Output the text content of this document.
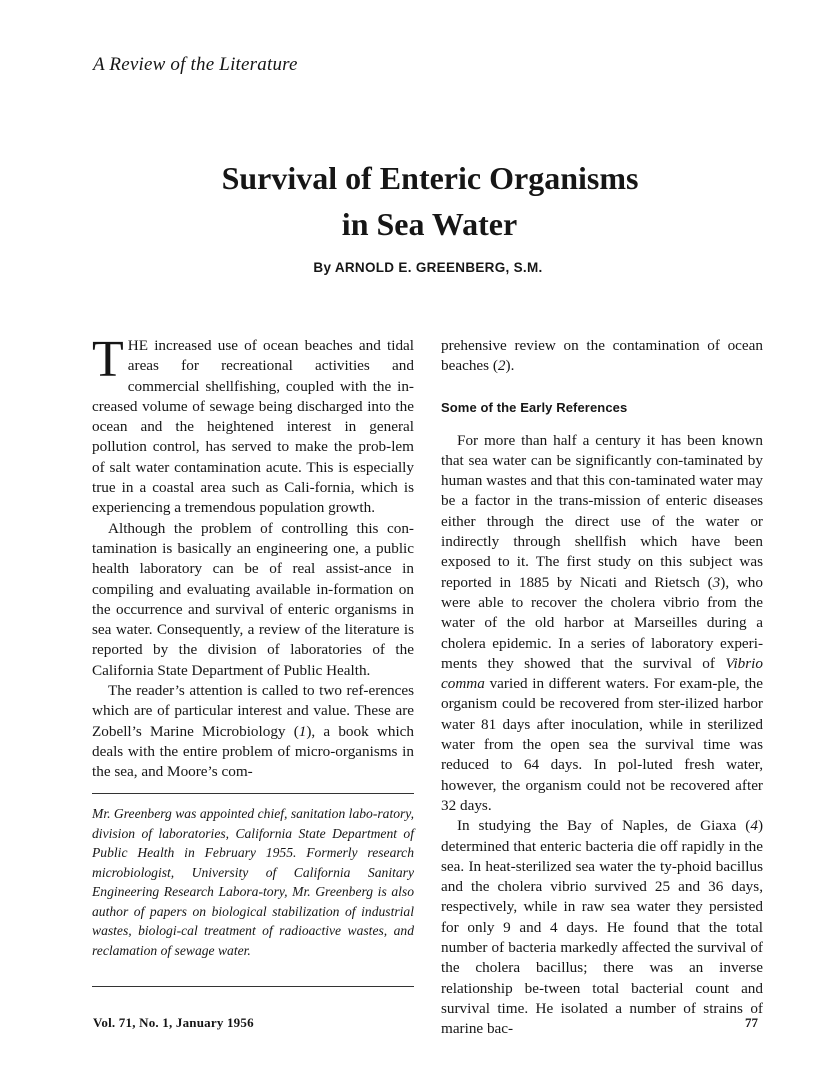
A Review of the Literature
Survival of Enteric Organisms
in Sea Water
By ARNOLD E. GREENBERG, S.M.

THE increased use of ocean beaches and tidal areas for recreational activities and commercial shellfishing, coupled with the in-creased volume of sewage being discharged into the ocean and the heightened interest in general pollution control, has served to make the prob-lem of salt water contamination acute. This is especially true in a coastal area such as Cali-fornia, which is experiencing a tremendous population growth.

Although the problem of controlling this con-tamination is basically an engineering one, a public health laboratory can be of real assist-ance in compiling and evaluating available in-formation on the occurrence and survival of enteric organisms in sea water. Consequently, a review of the literature is reported by the division of laboratories of the California State Department of Public Health.

The reader’s attention is called to two ref-erences which are of particular interest and value. These are Zobell’s Marine Microbiology (1), a book which deals with the entire problem of micro-organisms in the sea, and Moore’s com-

Mr. Greenberg was appointed chief, sanitation labo-ratory, division of laboratories, California State Department of Public Health in February 1955. Formerly research microbiologist, University of California Sanitary Engineering Research Labora-tory, Mr. Greenberg is also author of papers on biological stabilization of industrial wastes, biologi-cal treatment of radioactive wastes, and reclamation of sewage water.

prehensive review on the contamination of ocean beaches (2).

Some of the Early References

For more than half a century it has been known that sea water can be significantly con-taminated by human wastes and that this con-taminated water may be a factor in the trans-mission of enteric diseases either through the direct use of the water or indirectly through shellfish which have been exposed to it. The first study on this subject was reported in 1885 by Nicati and Rietsch (3), who were able to recover the cholera vibrio from the water of the old harbor at Marseilles during a cholera epidemic. In a series of laboratory experi-ments they showed that the survival of Vibrio comma varied in different waters. For exam-ple, the organism could be recovered from ster-ilized harbor water 81 days after inoculation, while in sterilized water from the open sea the survival time was reduced to 64 days. In pol-luted fresh water, however, the organism could not be recovered after 32 days.

In studying the Bay of Naples, de Giaxa (4) determined that enteric bacteria die off rapidly in the sea. In heat-sterilized sea water the ty-phoid bacillus and the cholera vibrio survived 25 and 36 days, respectively, while in raw sea water they persisted for only 9 and 4 days. He found that the total number of bacteria markedly affected the survival of the cholera bacillus; there was an inverse relationship be-tween total bacterial count and survival time. He isolated a number of strains of marine bac-

Vol. 71, No. 1, January 1956	77
